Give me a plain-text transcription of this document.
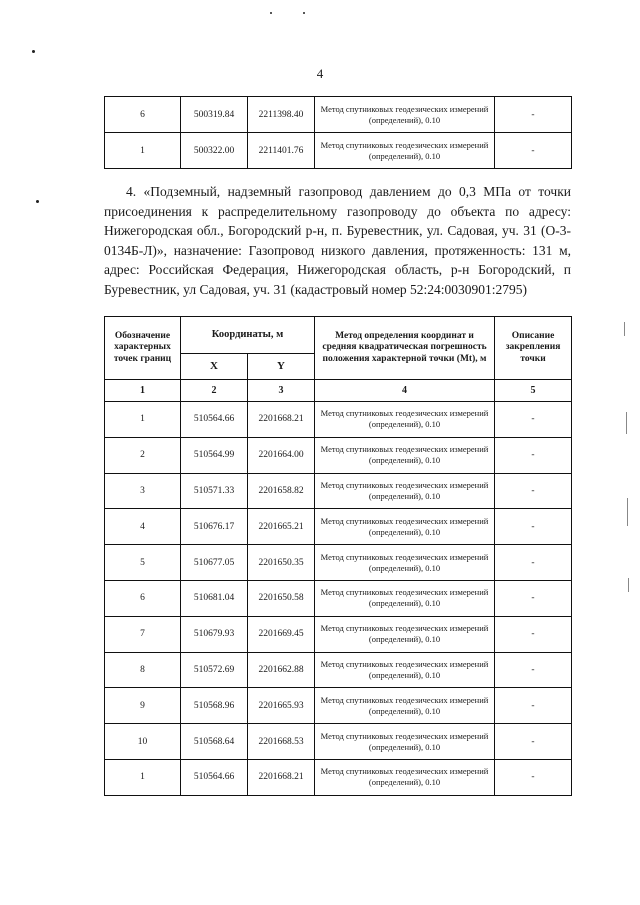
4
6	500319.84	2211398.40	Метод спутниковых геодезических измерений (определений), 0.10	-
1	500322.00	2211401.76	Метод спутниковых геодезических измерений (определений), 0.10	-
4. «Подземный, надземный газопровод давлением до 0,3 МПа от точки присоединения к распределительному газопроводу до объекта по адресу: Нижегородская обл., Богородский р-н, п. Буревестник, ул. Садовая, уч. 31 (О-3-0134Б-Л)», назначение: Газопровод низкого давления, протяженность: 131 м, адрес: Российская Федерация, Нижегородская область, р-н Богородский, п Буревестник, ул Садовая, уч. 31 (кадастровый номер 52:24:0030901:2795)
Обозначение характерных точек границ	Координаты, м		Метод определения координат и средняя квадратическая погрешность положения характерной точки (Mt), м	Описание закрепления точки
	X	Y		
1	2	3	4	5
1	510564.66	2201668.21	Метод спутниковых геодезических измерений (определений), 0.10	-
2	510564.99	2201664.00	Метод спутниковых геодезических измерений (определений), 0.10	-
3	510571.33	2201658.82	Метод спутниковых геодезических измерений (определений), 0.10	-
4	510676.17	2201665.21	Метод спутниковых геодезических измерений (определений), 0.10	-
5	510677.05	2201650.35	Метод спутниковых геодезических измерений (определений), 0.10	-
6	510681.04	2201650.58	Метод спутниковых геодезических измерений (определений), 0.10	-
7	510679.93	2201669.45	Метод спутниковых геодезических измерений (определений), 0.10	-
8	510572.69	2201662.88	Метод спутниковых геодезических измерений (определений), 0.10	-
9	510568.96	2201665.93	Метод спутниковых геодезических измерений (определений), 0.10	-
10	510568.64	2201668.53	Метод спутниковых геодезических измерений (определений), 0.10	-
1	510564.66	2201668.21	Метод спутниковых геодезических измерений (определений), 0.10	-
